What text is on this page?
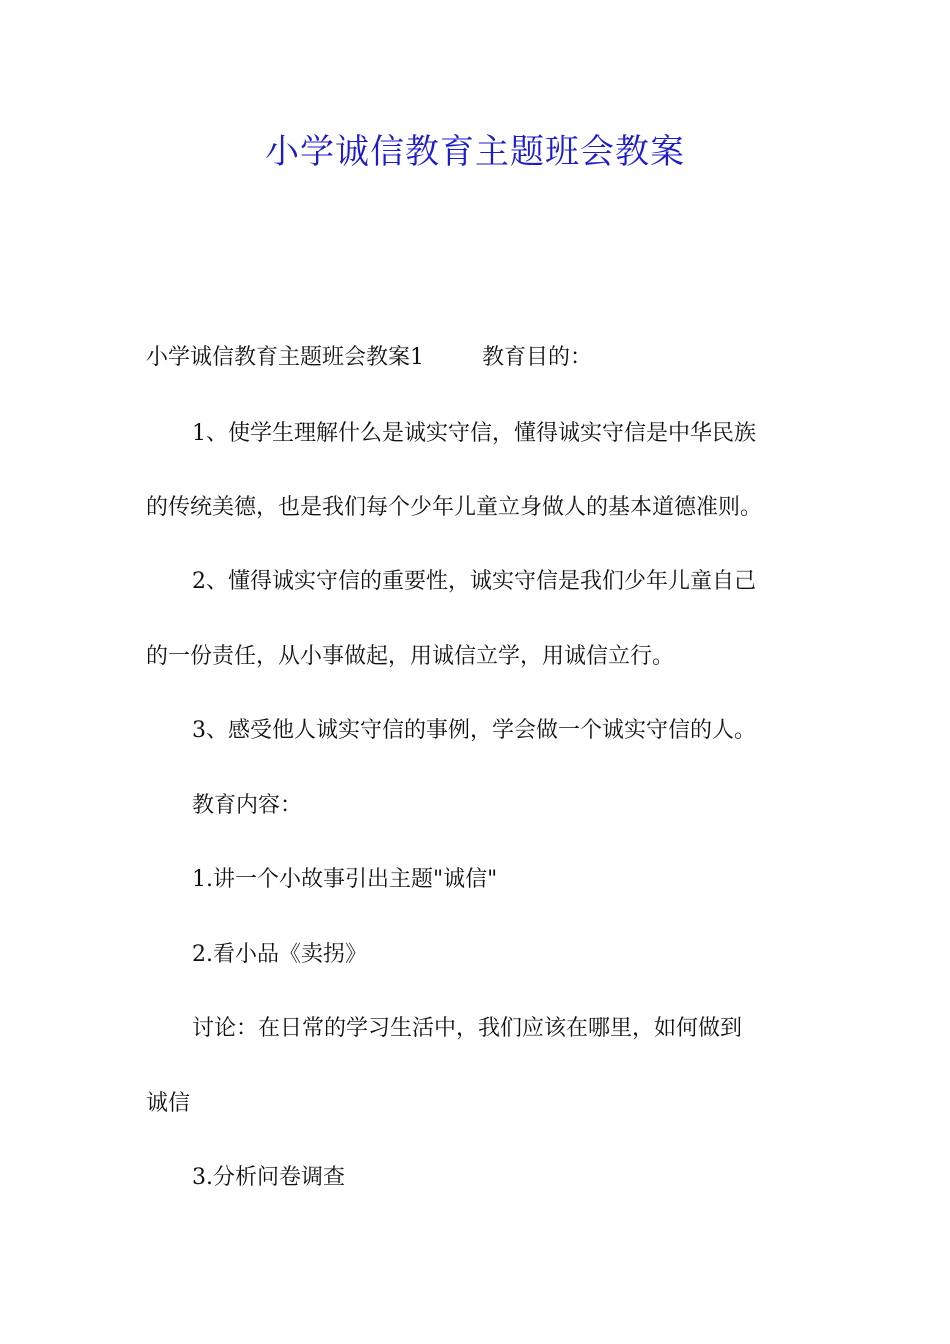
小学诚信教育主题班会教案
小学诚信教育主题班会教案1	教育目的：
1、使学生理解什么是诚实守信，懂得诚实守信是中华民族
的传统美德，也是我们每个少年儿童立身做人的基本道德准则。
2、懂得诚实守信的重要性，诚实守信是我们少年儿童自己
的一份责任，从小事做起，用诚信立学，用诚信立行。
3、感受他人诚实守信的事例，学会做一个诚实守信的人。
教育内容：
1.讲一个小故事引出主题"诚信"
2.看小品《卖拐》
讨论：在日常的学习生活中，我们应该在哪里，如何做到
诚信
3.分析问卷调查
